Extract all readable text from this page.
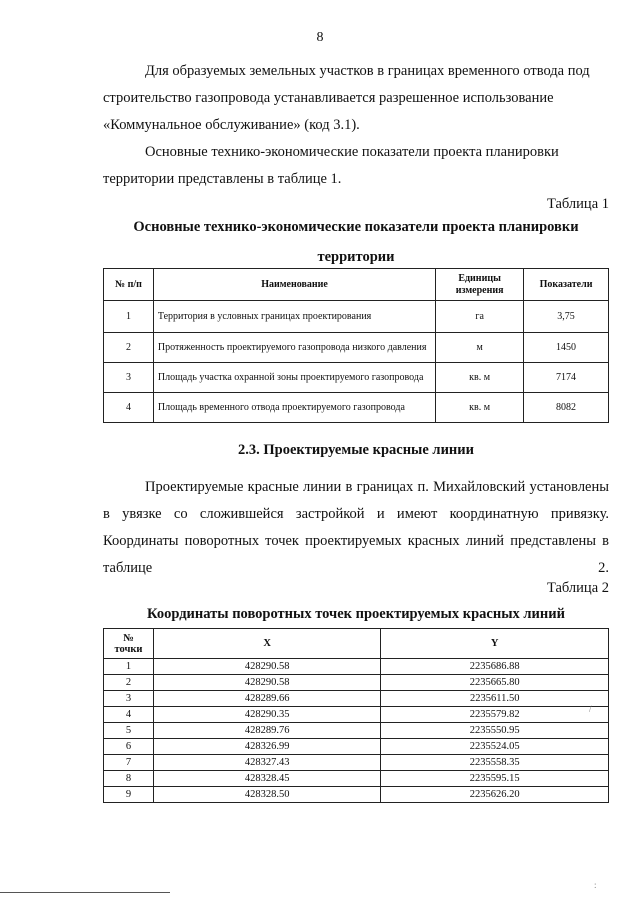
8

Для образуемых земельных участков в границах временного отвода под строительство газопровода устанавливается разрешенное использование «Коммунальное обслуживание» (код 3.1).

Основные технико-экономические показатели проекта планировки территории представлены в таблице 1.

Таблица 1

Основные технико-экономические показатели проекта планировки территории

№ п/п	Наименование	Единицы измерения	Показатели
1	Территория в условных границах проектирования	га	3,75
2	Протяженность проектируемого газопровода низкого давления	м	1450
3	Площадь участка охранной зоны проектируемого газопровода	кв. м	7174
4	Площадь временного отвода проектируемого газопровода	кв. м	8082

2.3. Проектируемые красные линии

Проектируемые красные линии в границах п. Михайловский установлены в увязке со сложившейся застройкой и имеют координатную привязку. Координаты поворотных точек проектируемых красных линий представлены в таблице 2.

Таблица 2

Координаты поворотных точек проектируемых красных линий

№ точки	X	Y
1	428290.58	2235686.88
2	428290.58	2235665.80
3	428289.66	2235611.50
4	428290.35	2235579.82
5	428289.76	2235550.95
6	428326.99	2235524.05
7	428327.43	2235558.35
8	428328.45	2235595.15
9	428328.50	2235626.20
/
:
